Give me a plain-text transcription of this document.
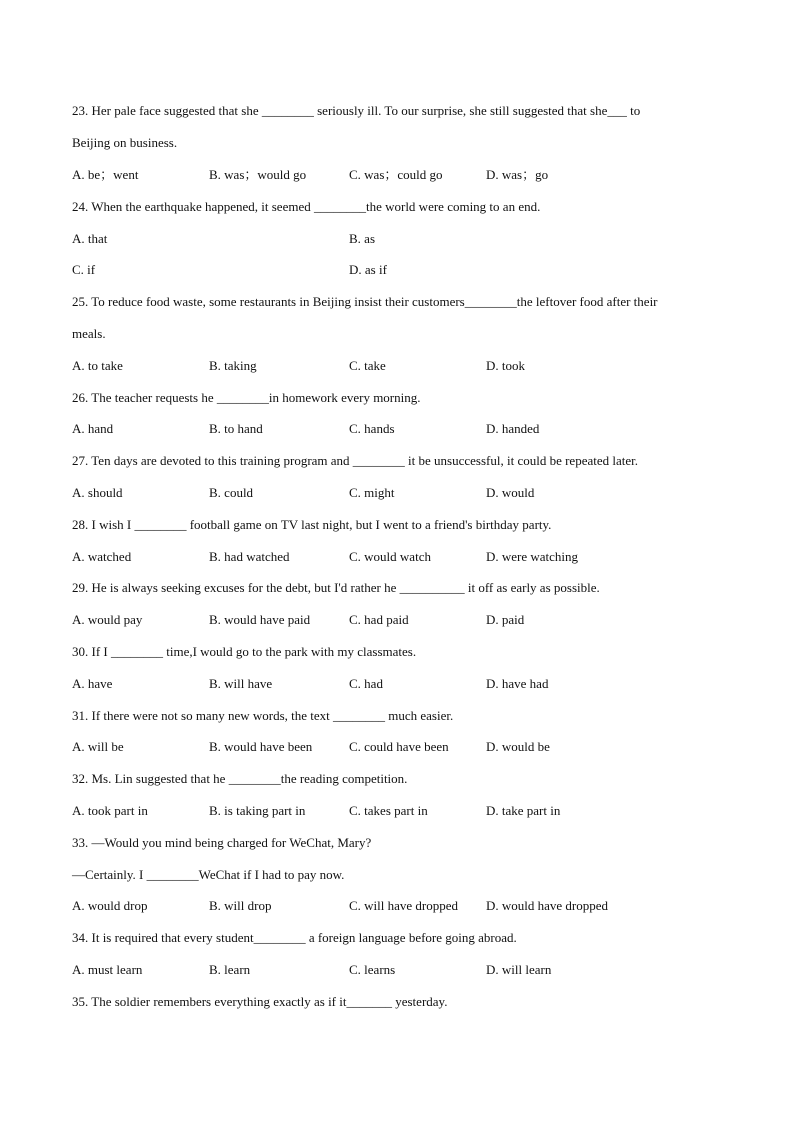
23. Her pale face suggested that she ________ seriously ill. To our surprise, she still suggested that she___ to
Beijing on business.
A. be；went	B. was；would go	C. was；could go	D. was；go
24. When the earthquake happened, it seemed ________the world were coming to an end.
A. that	B. as
C. if	D. as if
25. To reduce food waste, some restaurants in Beijing insist their customers________the leftover food after their
meals.
A. to take	B. taking	C. take	D. took
26. The teacher requests he ________in homework every morning.
A. hand	B. to hand	C. hands	D. handed
27. Ten days are devoted to this training program and ________ it be unsuccessful, it could be repeated later.
A. should	B. could	C. might	D. would
28. I wish I ________ football game on TV last night, but I went to a friend's birthday party.
A. watched	B. had watched	C. would watch	D. were watching
29. He is always seeking excuses for the debt, but I'd rather he __________ it off as early as possible.
A. would pay	B. would have paid	C. had paid	D. paid
30. If I ________ time,I would go to the park with my classmates.
A. have	B. will have	C. had	D. have had
31. If there were not so many new words, the text ________ much easier.
A. will be	B. would have been	C. could have been	D. would be
32. Ms. Lin suggested that he ________the reading competition.
A. took part in	B. is taking part in	C. takes part in	D. take part in
33. —Would you mind being charged for WeChat, Mary?
—Certainly. I ________WeChat if I had to pay now.
A. would drop	B. will drop	C. will have dropped D. would have dropped
34. It is required that every student________ a foreign language before going abroad.
A. must learn	B. learn	C. learns	D. will learn
35. The soldier remembers everything exactly as if it_______ yesterday.
